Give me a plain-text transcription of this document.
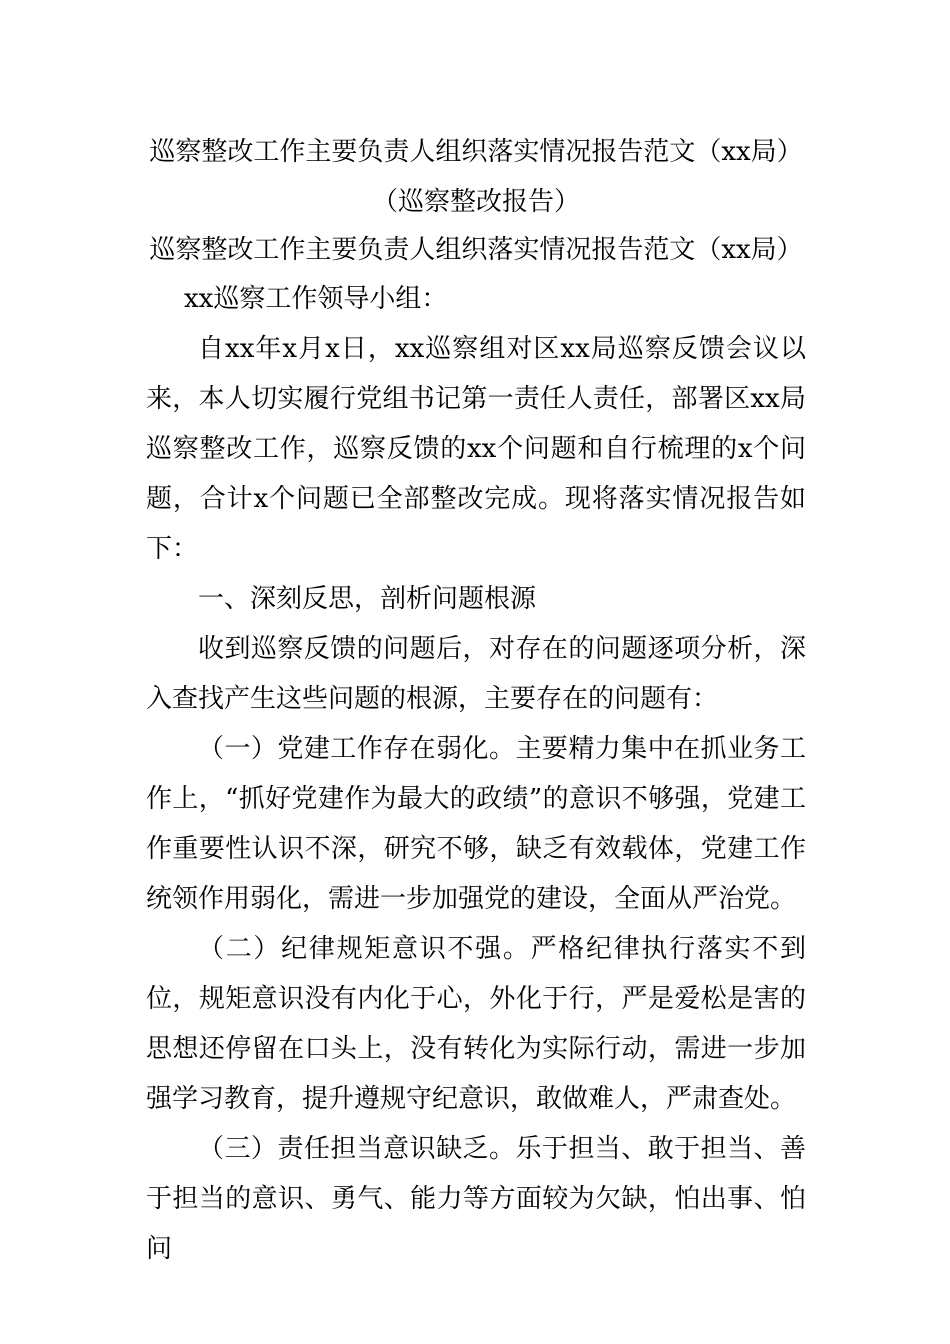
巡察整改工作主要负责人组织落实情况报告范文（xx局）
（巡察整改报告）
巡察整改工作主要负责人组织落实情况报告范文（xx局）

xx巡察工作领导小组：

自xx年x月x日，xx巡察组对区xx局巡察反馈会议以来，本人切实履行党组书记第一责任人责任，部署区xx局巡察整改工作，巡察反馈的xx个问题和自行梳理的x个问题，合计x个问题已全部整改完成。现将落实情况报告如下：

一、深刻反思，剖析问题根源

收到巡察反馈的问题后，对存在的问题逐项分析，深入查找产生这些问题的根源，主要存在的问题有：

（一）党建工作存在弱化。主要精力集中在抓业务工作上，“抓好党建作为最大的政绩”的意识不够强，党建工作重要性认识不深，研究不够，缺乏有效载体，党建工作统领作用弱化，需进一步加强党的建设，全面从严治党。

（二）纪律规矩意识不强。严格纪律执行落实不到位，规矩意识没有内化于心，外化于行，严是爱松是害的思想还停留在口头上，没有转化为实际行动，需进一步加强学习教育，提升遵规守纪意识，敢做难人，严肃查处。

（三）责任担当意识缺乏。乐于担当、敢于担当、善于担当的意识、勇气、能力等方面较为欠缺，怕出事、怕问
